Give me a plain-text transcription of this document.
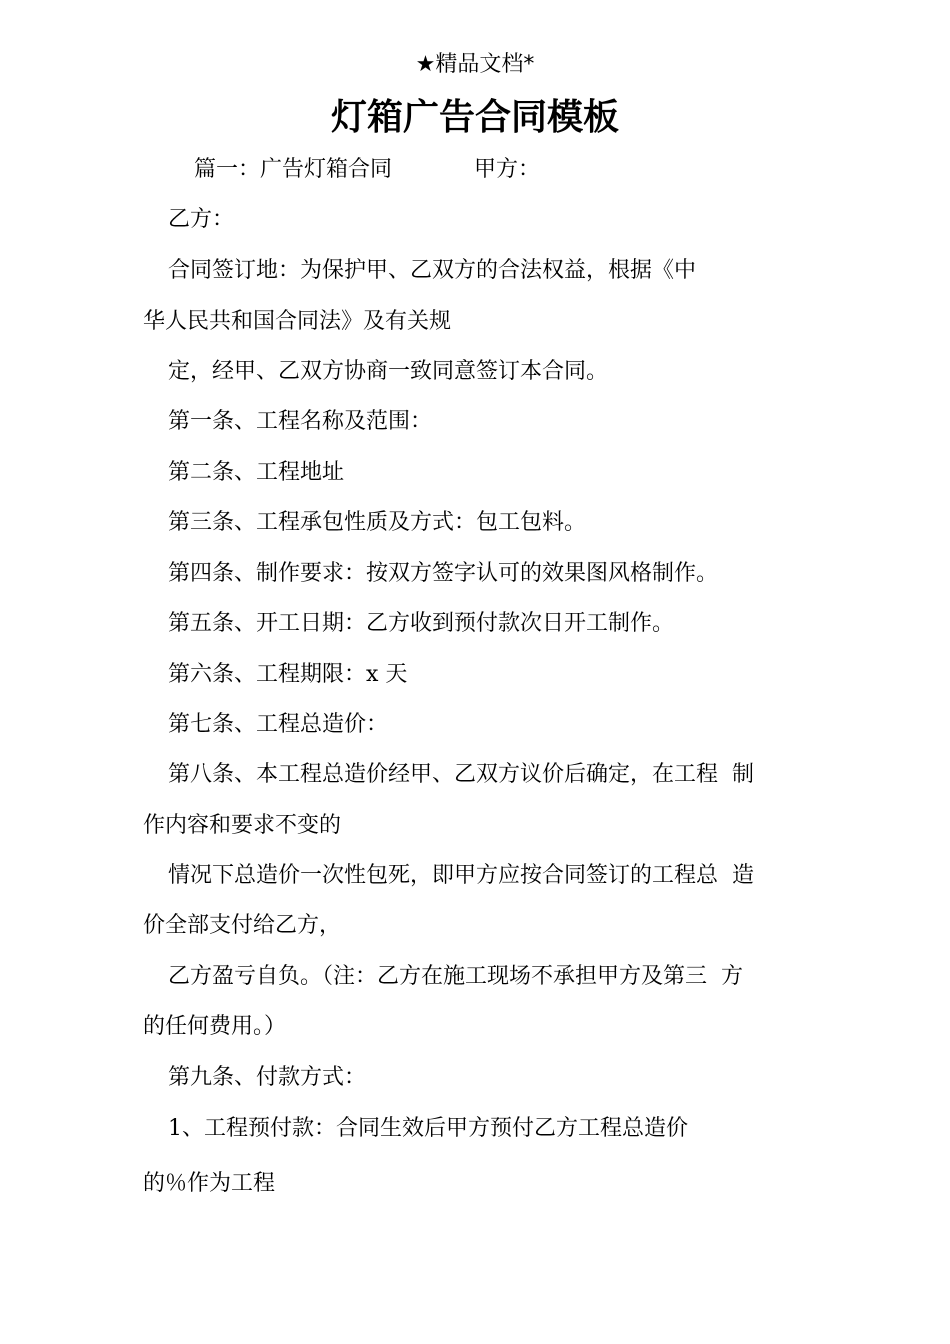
★精品文档*
灯箱广告合同模板
篇一：广告灯箱合同	甲方：
乙方：
合同签订地：为保护甲、乙双方的合法权益，根据《中
华人民共和国合同法》及有关规
定，经甲、乙双方协商一致同意签订本合同。
第一条、工程名称及范围：
第二条、工程地址
第三条、工程承包性质及方式：包工包料。
第四条、制作要求：按双方签字认可的效果图风格制作。
第五条、开工日期：乙方收到预付款次日开工制作。
第六条、工程期限：x 天
第七条、工程总造价：
第八条、本工程总造价经甲、乙双方议价后确定，在工程  制
作内容和要求不变的
情况下总造价一次性包死，即甲方应按合同签订的工程总  造
价全部支付给乙方，
乙方盈亏自负。（注：乙方在施工现场不承担甲方及第三  方
的任何费用。）
第九条、付款方式：
1、工程预付款：合同生效后甲方预付乙方工程总造价
的％作为工程
